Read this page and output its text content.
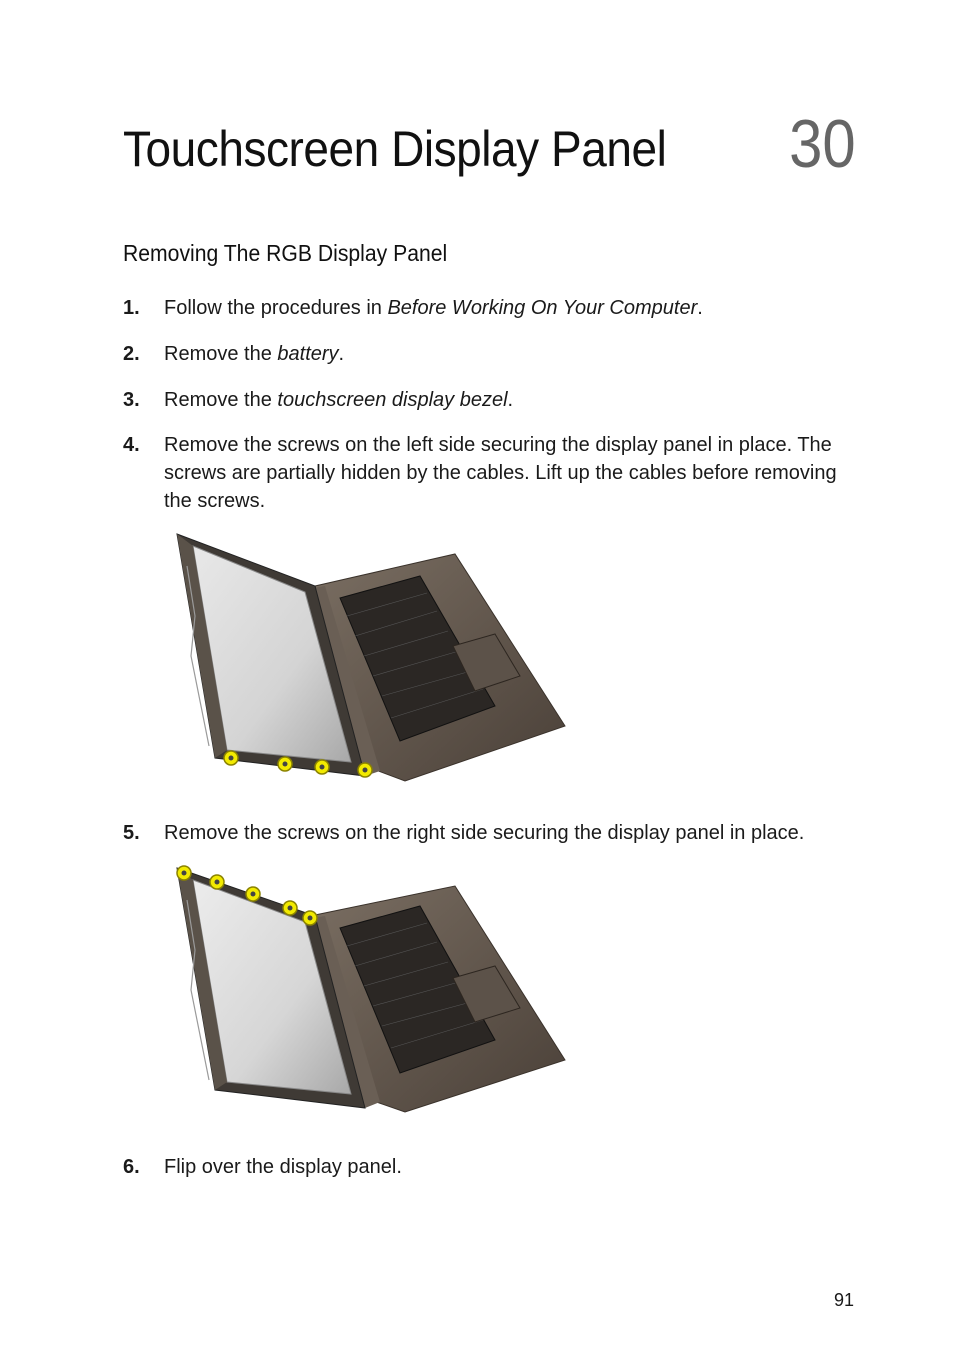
Touchscreen Display Panel 30
Removing The RGB Display Panel
1. Follow the procedures in Before Working On Your Computer.
2. Remove the battery.
3. Remove the touchscreen display bezel.
4. Remove the screws on the left side securing the display panel in place. The screws are partially hidden by the cables. Lift up the cables before removing the screws.
5. Remove the screws on the right side securing the display panel in place.
6. Flip over the display panel.
91
